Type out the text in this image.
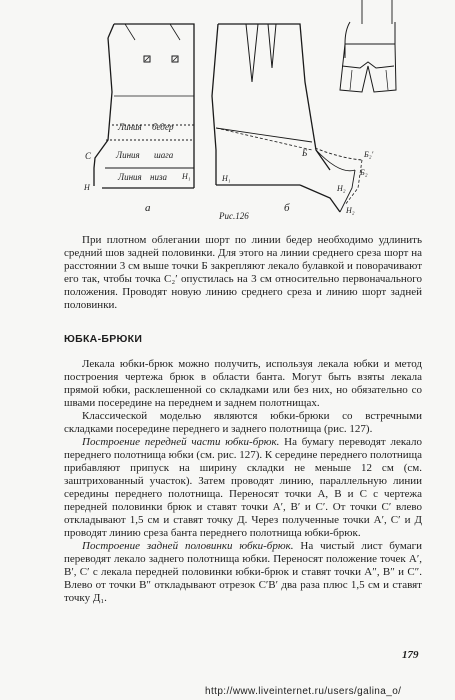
Линия бедер
Линия шага
Линия низа
C
Н
Н₁
а
Б	Б₂′
Б₂
Н₁
Н₂
Н₂
б
Рис.126

При плотном облегании шорт по линии бедер необходимо удлинить средний шов задней половинки. Для этого на линии среднего среза шорт на расстоянии 3 см выше точки Б закрепляют лекало булавкой и поворачивают его так, чтобы точка С₂′ опустилась на 3 см относительно первоначального положения. Проводят новую линию среднего среза и линию шорт задней половинки.

ЮБКА-БРЮКИ

Лекала юбки-брюк можно получить, используя лекала юбки и метод построения чертежа брюк в области банта. Могут быть взяты лекала прямой юбки, расклешенной со складками или без них, но обязательно со швами посередине на переднем и заднем полотнищах.

Классической моделью являются юбки-брюки со встречными складками посередине переднего и заднего полотнища (рис. 127).

Построение передней части юбки-брюк. На бумагу переводят лекало переднего полотнища юбки (см. рис. 127). К середине переднего полотнища прибавляют припуск на ширину складки не меньше 12 см (см. заштрихованный участок). Затем проводят линию, параллельную линии середины переднего полотнища. Переносят точки А, В и С с чертежа передней половинки брюк и ставят точки А′, В′ и С′. От точки С′ влево откладывают 1,5 см и ставят точку Д. Через полученные точки А′, С′ и Д проводят линию среза банта переднего полотнища юбки-брюк.

Построение задней половинки юбки-брюк. На чистый лист бумаги переводят лекало заднего полотнища юбки. Переносят положение точек А′, В′, С′ с лекала передней половинки юбки-брюк и ставят точки А″, В″ и С″. Влево от точки В″ откладывают отрезок С′В′ два раза плюс 1,5 см и ставят точку Д₁.

179
http://www.liveinternet.ru/users/galina_o/
